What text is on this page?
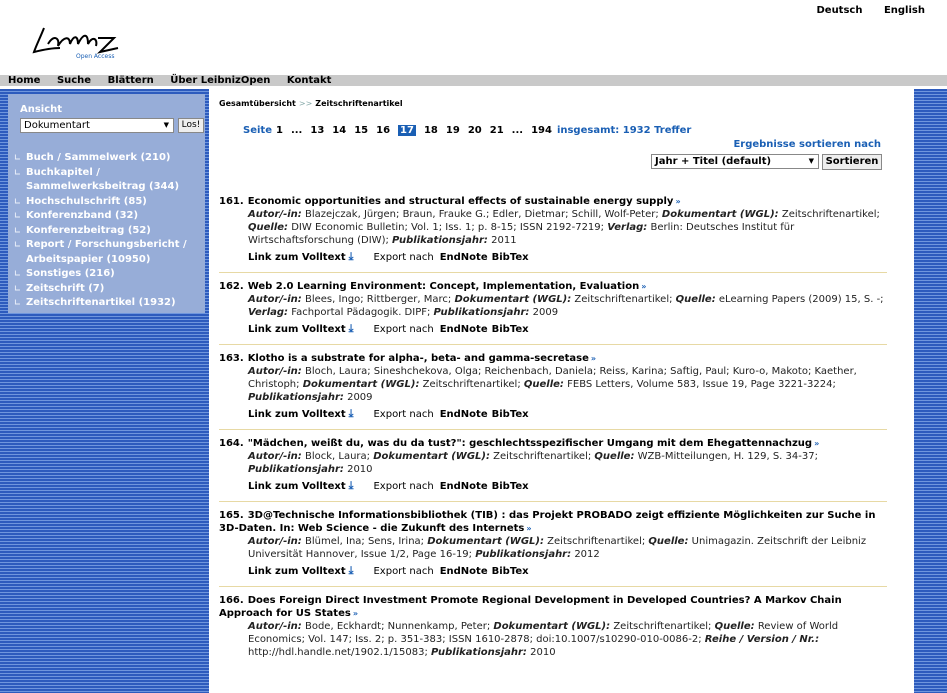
Open Access
Deutsch English
Home Suche Blättern Über LeibnizOpen Kontakt
Ansicht
Dokumentart	▼	Los!
∟ Buch / Sammelwerk (210)
∟ Buchkapitel / Sammelwerksbeitrag (344)
∟ Hochschulschrift (85)
∟ Konferenzband (32)
∟ Konferenzbeitrag (52)
∟ Report / Forschungsbericht / Arbeitspapier (10950)
∟ Sonstiges (216)
∟ Zeitschrift (7)
∟ Zeitschriftenartikel (1932)
Gesamtübersicht >> Zeitschriftenartikel
Seite 1 ... 13 14 15 16 17 18 19 20 21 ... 194 insgesamt: 1932 Treffer
Ergebnisse sortieren nach
Jahr + Titel (default)	▼	Sortieren
161. Economic opportunities and structural effects of sustainable energy supply »
Autor/-in: Blazejczak, Jürgen; Braun, Frauke G.; Edler, Dietmar; Schill, Wolf-Peter; Dokumentart (WGL): Zeitschriftenartikel; Quelle: DIW Economic Bulletin; Vol. 1; Iss. 1; p. 8-15; ISSN 2192-7219; Verlag: Berlin: Deutsches Institut für Wirtschaftsforschung (DIW); Publikationsjahr: 2011
Link zum Volltext ⤓ Export nach EndNote BibTex
162. Web 2.0 Learning Environment: Concept, Implementation, Evaluation »
Autor/-in: Blees, Ingo; Rittberger, Marc; Dokumentart (WGL): Zeitschriftenartikel; Quelle: eLearning Papers (2009) 15, S. -; Verlag: Fachportal Pädagogik. DIPF; Publikationsjahr: 2009
Link zum Volltext ⤓ Export nach EndNote BibTex
163. Klotho is a substrate for alpha-, beta- and gamma-secretase »
Autor/-in: Bloch, Laura; Sineshchekova, Olga; Reichenbach, Daniela; Reiss, Karina; Saftig, Paul; Kuro-o, Makoto; Kaether, Christoph; Dokumentart (WGL): Zeitschriftenartikel; Quelle: FEBS Letters, Volume 583, Issue 19, Page 3221-3224; Publikationsjahr: 2009
Link zum Volltext ⤓ Export nach EndNote BibTex
164. "Mädchen, weißt du, was du da tust?": geschlechtsspezifischer Umgang mit dem Ehegattennachzug »
Autor/-in: Block, Laura; Dokumentart (WGL): Zeitschriftenartikel; Quelle: WZB-Mitteilungen, H. 129, S. 34-37; Publikationsjahr: 2010
Link zum Volltext ⤓ Export nach EndNote BibTex
165. 3D@Technische Informationsbibliothek (TIB) : das Projekt PROBADO zeigt effiziente Möglichkeiten zur Suche in 3D-Daten. In: Web Science - die Zukunft des Internets »
Autor/-in: Blümel, Ina; Sens, Irina; Dokumentart (WGL): Zeitschriftenartikel; Quelle: Unimagazin. Zeitschrift der Leibniz Universität Hannover, Issue 1/2, Page 16-19; Publikationsjahr: 2012
Link zum Volltext ⤓ Export nach EndNote BibTex
166. Does Foreign Direct Investment Promote Regional Development in Developed Countries? A Markov Chain Approach for US States »
Autor/-in: Bode, Eckhardt; Nunnenkamp, Peter; Dokumentart (WGL): Zeitschriftenartikel; Quelle: Review of World Economics; Vol. 147; Iss. 2; p. 351-383; ISSN 1610-2878; doi:10.1007/s10290-010-0086-2; Reihe / Version / Nr.: http://hdl.handle.net/1902.1/15083; Publikationsjahr: 2010
